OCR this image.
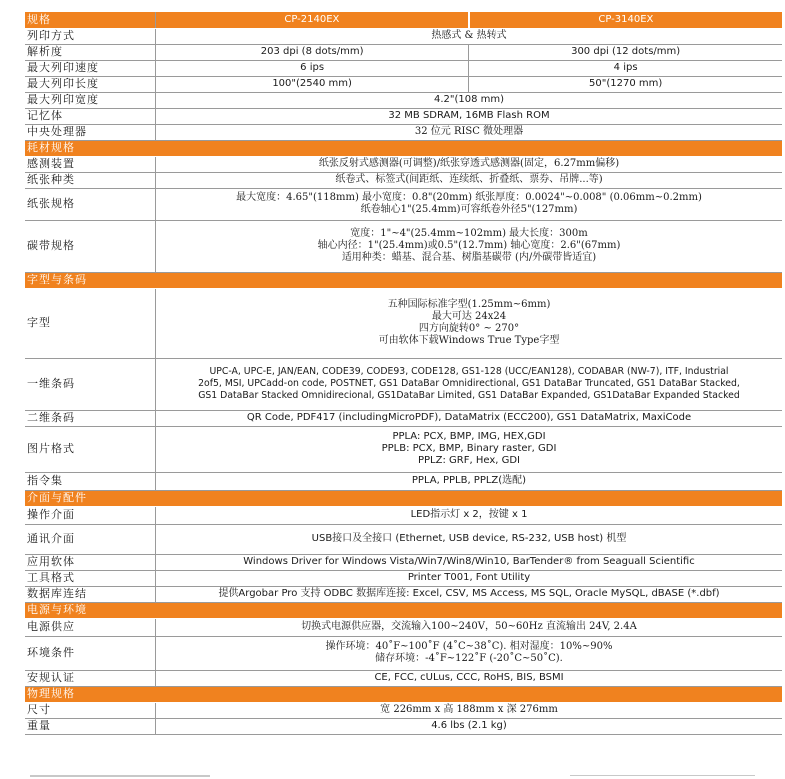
规格	CP-2140EX	CP-3140EX
列印方式	热感式 & 热转式	
解析度	203 dpi (8 dots/mm)	300 dpi (12 dots/mm)
最大列印速度	6 ips	4 ips
最大列印长度	100"(2540 mm)	50"(1270 mm)
最大列印宽度	4.2"(108 mm)	
记忆体	32 MB SDRAM, 16MB Flash ROM	
中央处理器	32 位元 RISC 微处理器	
耗材规格		
感测装置	纸张反射式感测器(可调整)/纸张穿透式感测器(固定，6.27mm偏移)	
纸张种类	纸卷式、标签式(间距纸、连续纸、折叠纸、票券、吊牌...等)	
纸张规格	最大宽度：4.65"(118mm) 最小宽度：0.8"(20mm) 纸张厚度：0.0024"~0.008" (0.06mm~0.2mm)
纸卷轴心1"(25.4mm)可容纸卷外径5"(127mm)	

碳带规格	宽度：1"~4"(25.4mm~102mm) 最大长度：300m
轴心内径：1"(25.4mm)或0.5"(12.7mm) 轴心宽度：2.6"(67mm)
适用种类：蜡基、混合基、树脂基碳带 (内/外碳带皆适宜)	

字型与条码		
字型	五种国际标准字型(1.25mm~6mm)
最大可达 24x24
四方向旋转0° ~ 270°
可由软体下载Windows True Type字型	

一维条码	UPC-A, UPC-E, JAN/EAN, CODE39, CODE93, CODE128, GS1-128 (UCC/EAN128), CODABAR (NW-7), ITF, Industrial
2of5, MSI, UPCadd-on code, POSTNET, GS1 DataBar Omnidirectional, GS1 DataBar Truncated, GS1 DataBar Stacked,
GS1 DataBar Stacked Omnidirecional, GS1DataBar Limited, GS1 DataBar Expanded, GS1DataBar Expanded Stacked	

二维条码	QR Code, PDF417 (includingMicroPDF), DataMatrix (ECC200), GS1 DataMatrix, MaxiCode	
图片格式	PPLA: PCX, BMP, IMG, HEX,GDI
PPLB: PCX, BMP, Binary raster, GDI
PPLZ: GRF, Hex, GDI	

指令集	PPLA, PPLB, PPLZ(选配)	
介面与配件		
操作介面	LED指示灯 x 2，按键 x 1	
通讯介面	USB接口及全接口 (Ethernet, USB device, RS-232, USB host) 机型	
应用软体	Windows Driver for Windows Vista/Win7/Win8/Win10, BarTender® from Seaguall Scientific	
工具格式	Printer T001, Font Utility	
数据库连结	提供Argobar Pro 支持 ODBC 数据库连接: Excel, CSV, MS Access, MS SQL, Oracle MySQL, dBASE (*.dbf)	
电源与环境		
电源供应	切换式电源供应器，交流输入100~240V，50~60Hz 直流输出 24V, 2.4A	
环境条件	操作环境：40˚F~100˚F (4˚C~38˚C). 相对湿度：10%~90%
储存环境：-4˚F~122˚F (-20˚C~50˚C).	

安规认证	CE, FCC, cULus, CCC, RoHS, BIS, BSMI	
物理规格		
尺寸	宽 226mm x 高 188mm x 深 276mm	
重量	4.6 lbs (2.1 kg)	
